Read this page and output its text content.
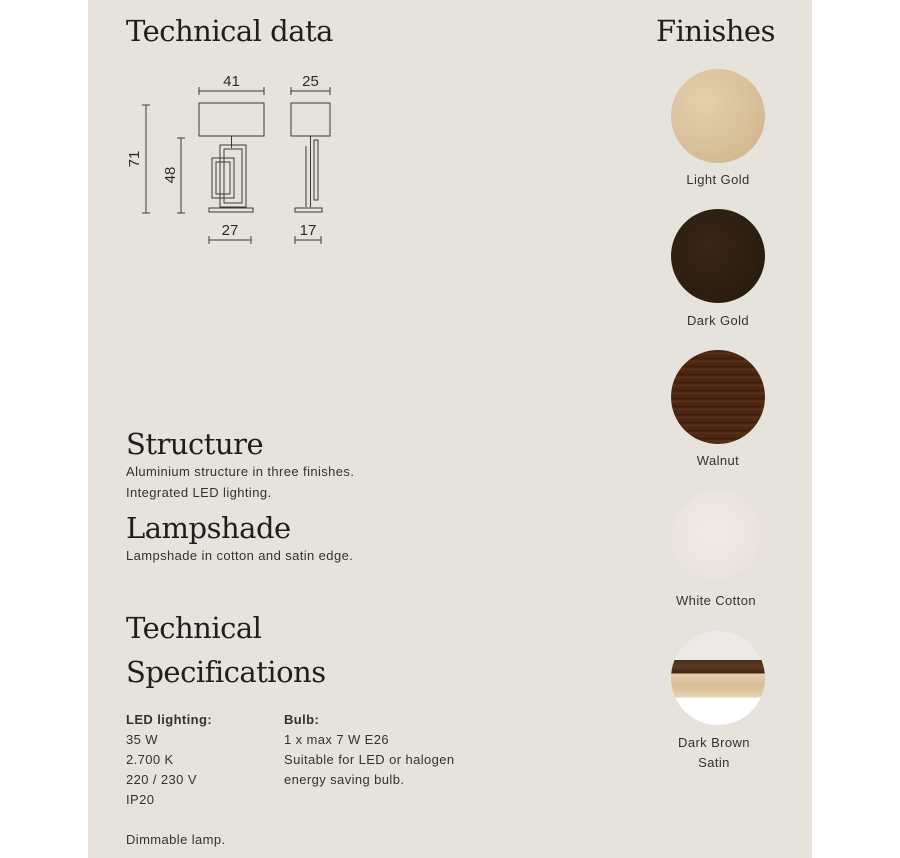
Technical data
41	25
71
48
27	17
Structure

Aluminium structure in three finishes.

Integrated LED lighting.

Lampshade

Lampshade in cotton and satin edge.

Technical
Specifications
LED lighting:
35 W
2.700 K
220 / 230 V
IP20
Bulb:
1 x max 7 W E26
Suitable for LED or halogen
energy saving bulb.

Dimmable lamp.

Finishes
Light Gold
Dark Gold
Walnut
White Cotton
Dark Brown
Satin
